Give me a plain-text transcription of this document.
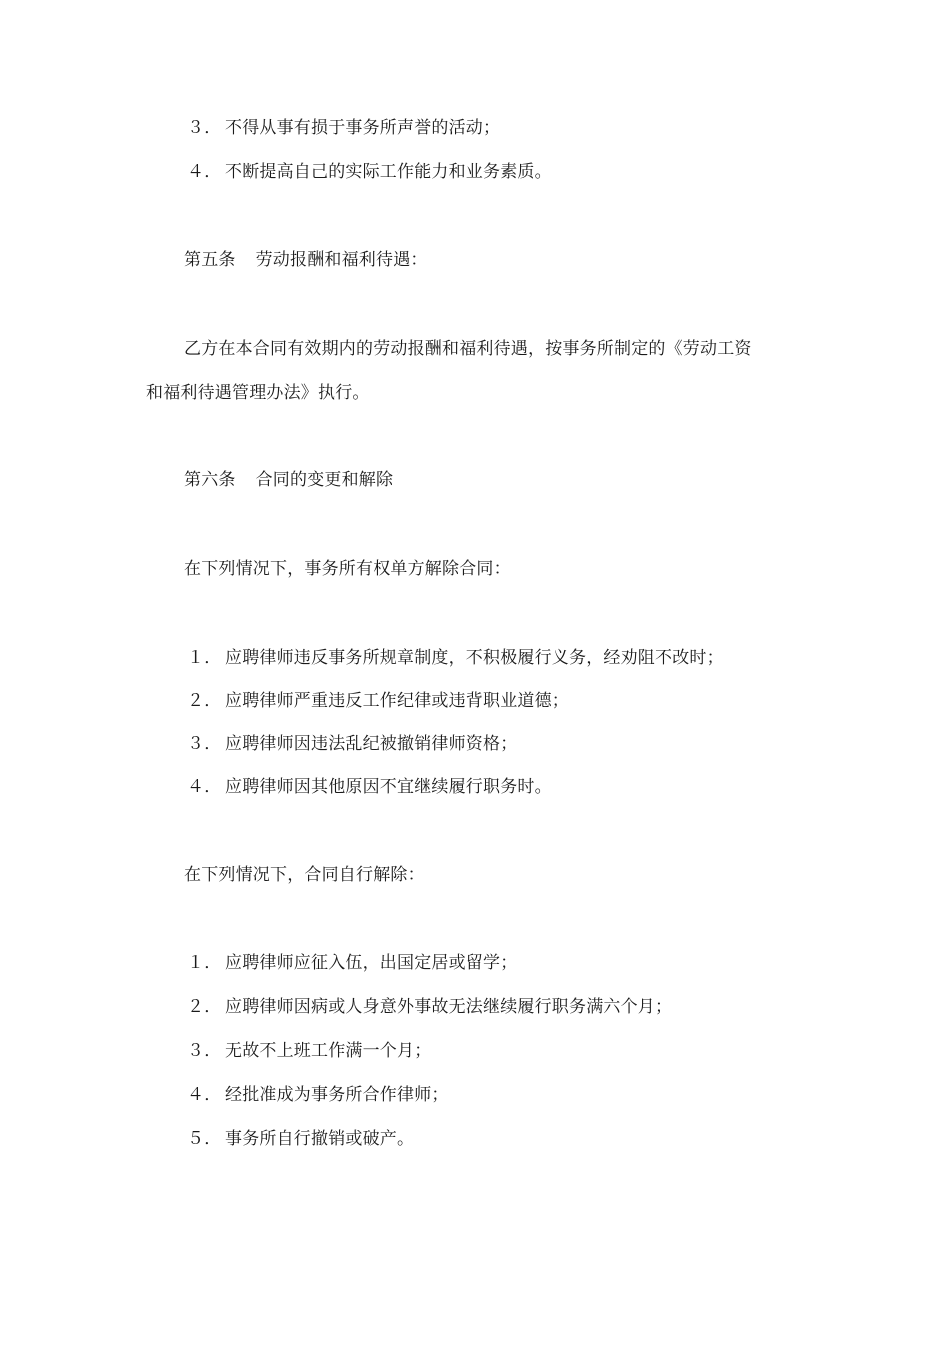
３． 不得从事有损于事务所声誉的活动；
４． 不断提高自己的实际工作能力和业务素质。
第五条 劳动报酬和福利待遇：
乙方在本合同有效期内的劳动报酬和福利待遇，按事务所制定的《劳动工资
和福利待遇管理办法》执行。
第六条 合同的变更和解除
在下列情况下，事务所有权单方解除合同：
１． 应聘律师违反事务所规章制度，不积极履行义务，经劝阻不改时；
２． 应聘律师严重违反工作纪律或违背职业道德；
３． 应聘律师因违法乱纪被撤销律师资格；
４． 应聘律师因其他原因不宜继续履行职务时。
在下列情况下，合同自行解除：
１． 应聘律师应征入伍，出国定居或留学；
２． 应聘律师因病或人身意外事故无法继续履行职务满六个月；
３． 无故不上班工作满一个月；
４． 经批准成为事务所合作律师；
５． 事务所自行撤销或破产。
